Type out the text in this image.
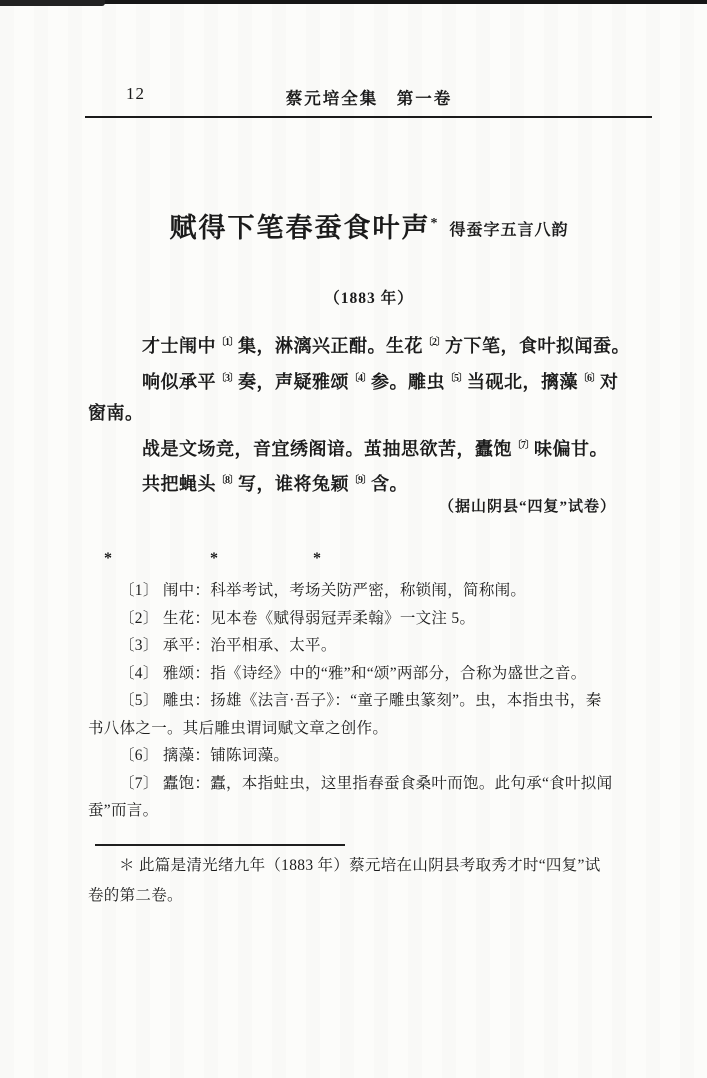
12	蔡元培全集　第一卷
赋得下笔春蚕食叶声* 得蚕字五言八韵
（1883 年）
才士闱中$^{〔1〕}$集，淋漓兴正酣。生花$^{〔2〕}$方下笔，食叶拟闻蚕。
响似承平$^{〔3〕}$奏，声疑雅颂$^{〔4〕}$参。雕虫$^{〔5〕}$当砚北，摛藻$^{〔6〕}$对
窗南。
战是文场竞，音宜绣阁谙。茧抽思欲苦，蠹饱$^{〔7〕}$味偏甘。
共把蝇头$^{〔8〕}$写，谁将兔颖$^{〔9〕}$含。
（据山阴县“四复”试卷）
*	*	*
〔1〕 闱中：科举考试，考场关防严密，称锁闱，简称闱。
〔2〕 生花：见本卷《赋得弱冠弄柔翰》一文注 5。
〔3〕 承平：治平相承、太平。
〔4〕 雅颂：指《诗经》中的“雅”和“颂”两部分，合称为盛世之音。
〔5〕 雕虫：扬雄《法言·吾子》：“童子雕虫篆刻”。虫，本指虫书，秦
书八体之一。其后雕虫谓词赋文章之创作。
〔6〕 摛藻：铺陈词藻。
〔7〕 蠹饱：蠹，本指蛀虫，这里指春蚕食桑叶而饱。此句承“食叶拟闻
蚕”而言。
＊ 此篇是清光绪九年（1883 年）蔡元培在山阴县考取秀才时“四复”试
卷的第二卷。
